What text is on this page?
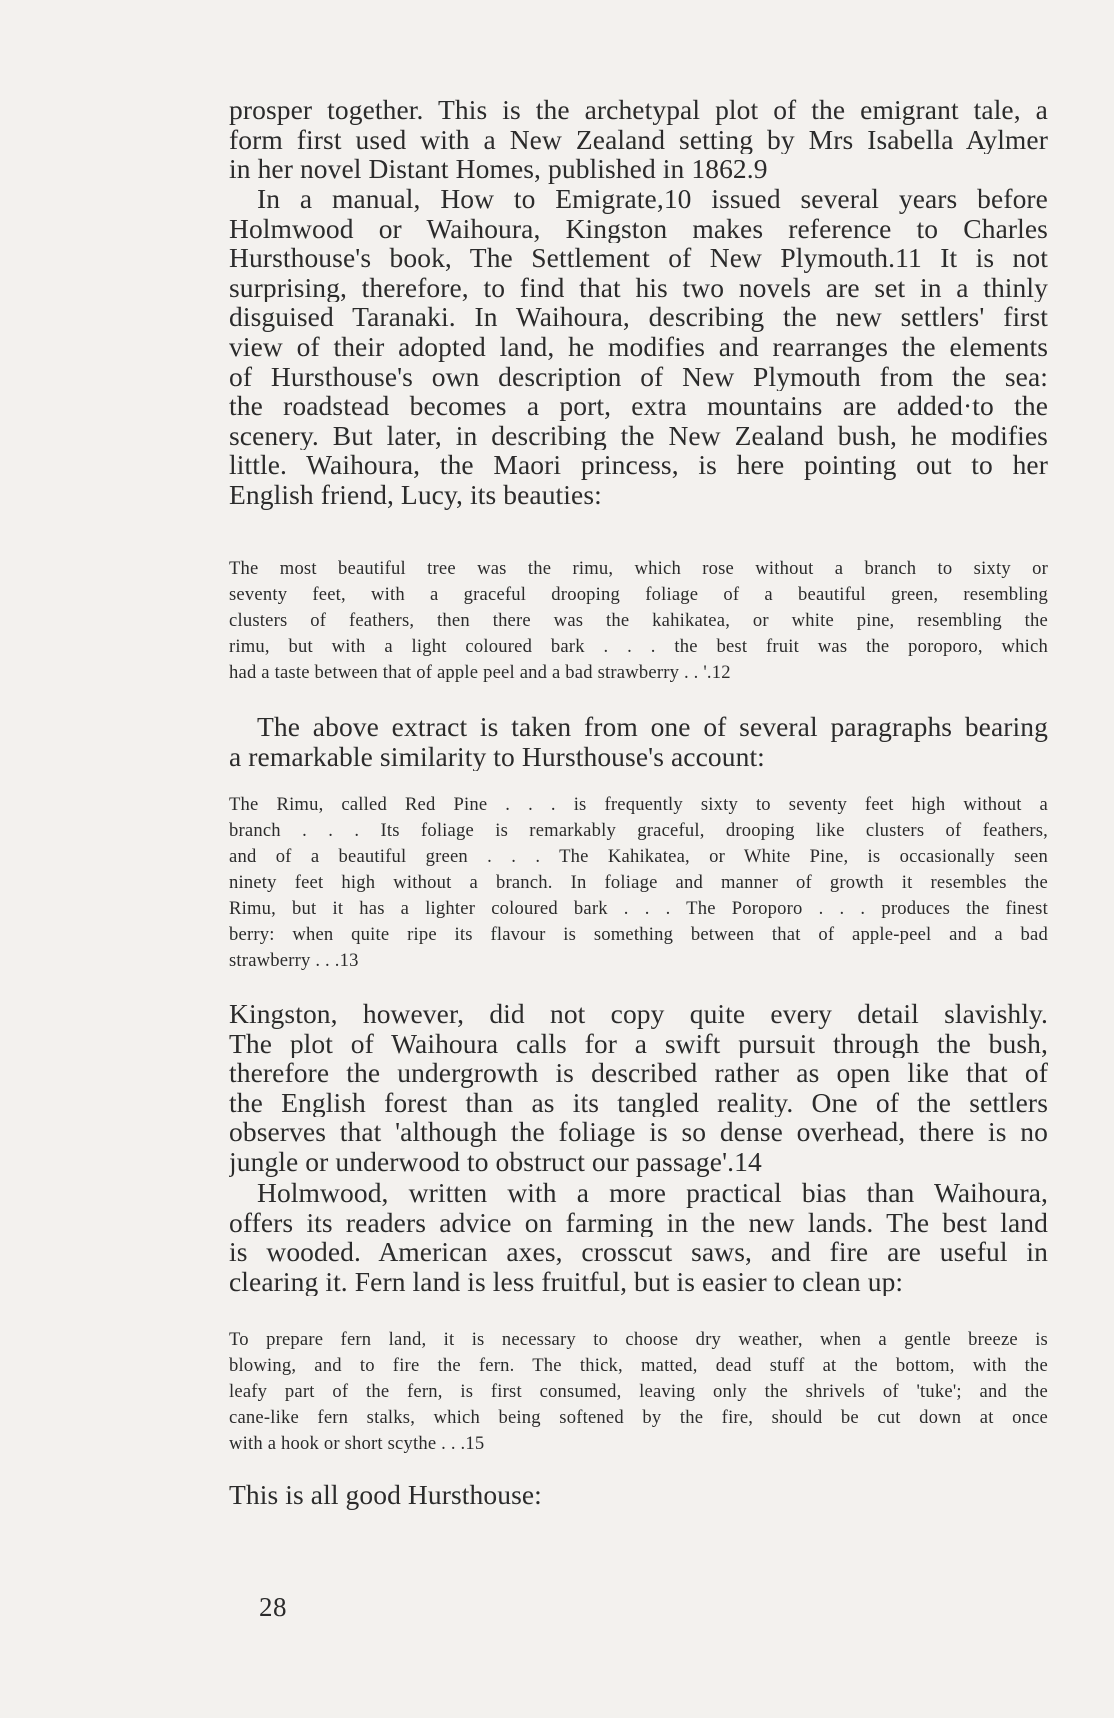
prosper together. This is the archetypal plot of the emigrant tale, a
form first used with a New Zealand setting by Mrs Isabella Aylmer
in her novel Distant Homes, published in 1862.9

In a manual, How to Emigrate,10 issued several years before
Holmwood or Waihoura, Kingston makes reference to Charles
Hursthouse's book, The Settlement of New Plymouth.11 It is not
surprising, therefore, to find that his two novels are set in a thinly
disguised Taranaki. In Waihoura, describing the new settlers' first
view of their adopted land, he modifies and rearranges the elements
of Hursthouse's own description of New Plymouth from the sea:
the roadstead becomes a port, extra mountains are added·to the
scenery. But later, in describing the New Zealand bush, he modifies
little. Waihoura, the Maori princess, is here pointing out to her
English friend, Lucy, its beauties:

The most beautiful tree was the rimu, which rose without a branch to sixty or
seventy feet, with a graceful drooping foliage of a beautiful green, resembling
clusters of feathers, then there was the kahikatea, or white pine, resembling the
rimu, but with a light coloured bark . . . the best fruit was the poroporo, which
had a taste between that of apple peel and a bad strawberry . . '.12

The above extract is taken from one of several paragraphs bearing
a remarkable similarity to Hursthouse's account:

The Rimu, called Red Pine . . . is frequently sixty to seventy feet high without a
branch . . . Its foliage is remarkably graceful, drooping like clusters of feathers,
and of a beautiful green . . . The Kahikatea, or White Pine, is occasionally seen
ninety feet high without a branch. In foliage and manner of growth it resembles the
Rimu, but it has a lighter coloured bark . . . The Poroporo . . . produces the finest
berry: when quite ripe its flavour is something between that of apple-peel and a bad
strawberry . . .13

Kingston, however, did not copy quite every detail slavishly.
The plot of Waihoura calls for a swift pursuit through the bush,
therefore the undergrowth is described rather as open like that of
the English forest than as its tangled reality. One of the settlers
observes that 'although the foliage is so dense overhead, there is no
jungle or underwood to obstruct our passage'.14

Holmwood, written with a more practical bias than Waihoura,
offers its readers advice on farming in the new lands. The best land
is wooded. American axes, crosscut saws, and fire are useful in
clearing it. Fern land is less fruitful, but is easier to clean up:

To prepare fern land, it is necessary to choose dry weather, when a gentle breeze is
blowing, and to fire the fern. The thick, matted, dead stuff at the bottom, with the
leafy part of the fern, is first consumed, leaving only the shrivels of 'tuke'; and the
cane-like fern stalks, which being softened by the fire, should be cut down at once
with a hook or short scythe . . .15

This is all good Hursthouse:

28
